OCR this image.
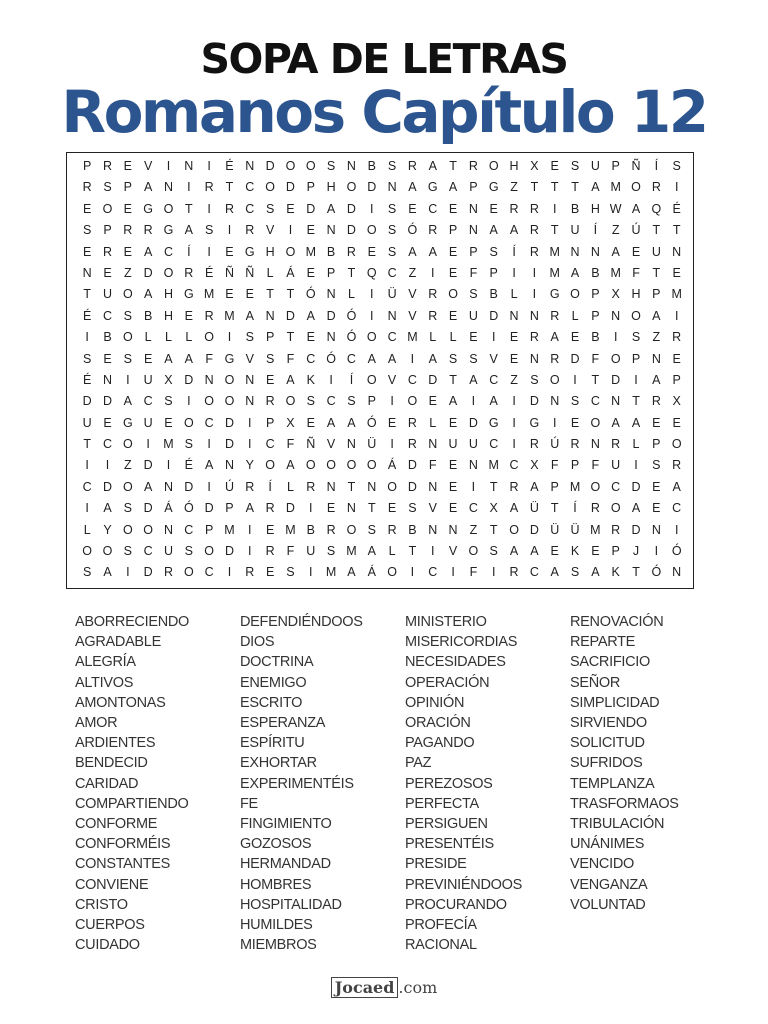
SOPA DE LETRAS
Romanos Capítulo 12
P R E V	I	N	I	É N D O O S N B S R A T R O H X E S U P Ñ	Í	S
R S P A N	I	R T C O D P H O D N A G A P G Z	T	T	T A M O R	I
E O E G O T	I	R C S E D A D	I	S E C E N E R R	I	B H W A Q É
S P R R G A S	I	R V	I	E N D O S Ó R P N A A R T U	Í	Z Ú T	T
E R E A C	Í	I	E G H O M B R E S A A E P S	Í	R M N N A E U N
N E Z D O R É Ñ Ñ L	Á E P T Q C Z	I	E F P	I	I	M A B M F	T E
T U O A H G M E E T	T Ó N L	I	Ü V R O S B	L	I	G O P X H P M
É C S B H E R M A N D A D Ó	I	N V R E U D N N R L	P N O A	I
I	B O L	L	L O	I	S P T E N Ó O C M L	L	E	I	E R A E B	I	S Z R
S E S E A A F G V S F C Ó C A A	I	A S S V E N R D F O P N E
É N	I	U X D N O N E A K	I	Í	O V C D T A C Z S O	I	T D	I	A P
D D A C S	I	O O N R O S C S P	I	O E A	I	A	I	D N S C N T R X
U E G U E O C D	I	P X E A A Ó E R L	E D G	I	G	I	E O A A E E
T C O	I	M S	I	D	I	C F Ñ V N Ü	I	R N U U C	I	R Ú R N R L	P O
I	I	Z D	I	É A N Y O A O O O O Á D F E N M C X F P F U	I	S R
C D O A N D	I	Ú R	Í	L R N T N O D N E	I	T R A P M O C D E A
I	A S D Á Ó D P A R D	I	E N T E S V E C X A Ü T	Í	R O A E C
L	Y O O N C P M	I	E M B R O S R B N N Z	T O D Ü Ü M R D N	I
O O S C U S O D	I	R F U S M A	L	T	I	V O S A A E K E P	J	I	Ó
S A	I	D R O C	I	R E S	I	M A Á O	I	C	I	F	I	R C A S A K T Ó N
ABORRECIENDO
AGRADABLE
ALEGRÍA
ALTIVOS
AMONTONAS
AMOR
ARDIENTES
BENDECID
CARIDAD
COMPARTIENDO
CONFORME
CONFORMÉIS
CONSTANTES
CONVIENE
CRISTO
CUERPOS
CUIDADO
DEFENDIÉNDOOS
DIOS
DOCTRINA
ENEMIGO
ESCRITO
ESPERANZA
ESPÍRITU
EXHORTAR
EXPERIMENTÉIS
FE
FINGIMIENTO
GOZOSOS
HERMANDAD
HOMBRES
HOSPITALIDAD
HUMILDES
MIEMBROS
MINISTERIO
MISERICORDIAS
NECESIDADES
OPERACIÓN
OPINIÓN
ORACIÓN
PAGANDO
PAZ
PEREZOSOS
PERFECTA
PERSIGUEN
PRESENTÉIS
PRESIDE
PREVINIÉNDOOS
PROCURANDO
PROFECÍA
RACIONAL
RENOVACIÓN
REPARTE
SACRIFICIO
SEÑOR
SIMPLICIDAD
SIRVIENDO
SOLICITUD
SUFRIDOS
TEMPLANZA
TRASFORMAOS
TRIBULACIÓN
UNÁNIMES
VENCIDO
VENGANZA
VOLUNTAD
Jocaed .com
